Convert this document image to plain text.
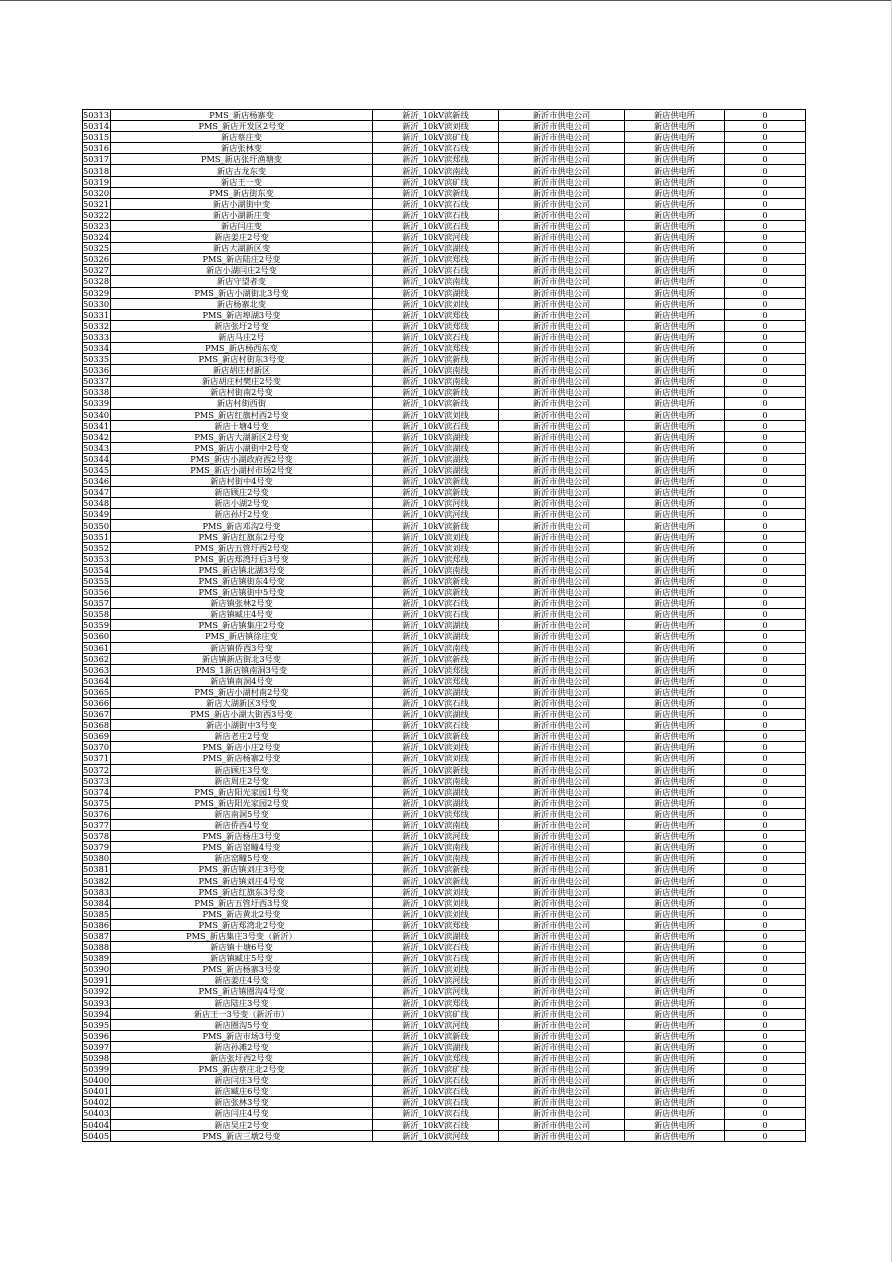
50313	PMS_新店杨寨变	新沂_10kV滨新线	新沂市供电公司	新店供电所	0
50314	PMS_新店开发区2号变	新沂_10kV滨刘线	新沂市供电公司	新店供电所	0
50315	新店蔡庄变	新沂_10kV滨矿线	新沂市供电公司	新店供电所	0
50316	新店张林变	新沂_10kV滨石线	新沂市供电公司	新店供电所	0
50317	PMS_新店张圩渔塘变	新沂_10kV滨郑线	新沂市供电公司	新店供电所	0
50318	新店古龙东变	新沂_10kV滨南线	新沂市供电公司	新店供电所	0
50319	新店王一变	新沂_10kV滨矿线	新沂市供电公司	新店供电所	0
50320	PMS_新店街东变	新沂_10kV滨新线	新沂市供电公司	新店供电所	0
50321	新店小湖街中变	新沂_10kV滨石线	新沂市供电公司	新店供电所	0
50322	新店小湖新庄变	新沂_10kV滨石线	新沂市供电公司	新店供电所	0
50323	新店闫庄变	新沂_10kV滨石线	新沂市供电公司	新店供电所	0
50324	新店姜庄2号变	新沂_10kV滨河线	新沂市供电公司	新店供电所	0
50325	新店大湖新区变	新沂_10kV滨湖线	新沂市供电公司	新店供电所	0
50326	PMS_新店陆庄2号变	新沂_10kV滨郑线	新沂市供电公司	新店供电所	0
50327	新店小湖闫庄2号变	新沂_10kV滨石线	新沂市供电公司	新店供电所	0
50328	新店守望者变	新沂_10kV滨南线	新沂市供电公司	新店供电所	0
50329	PMS_新店小湖街北3号变	新沂_10kV滨湖线	新沂市供电公司	新店供电所	0
50330	新店杨寨北变	新沂_10kV滨刘线	新沂市供电公司	新店供电所	0
50331	PMS_新店埠湖3号变	新沂_10kV滨郑线	新沂市供电公司	新店供电所	0
50332	新店张圩2号变	新沂_10kV滨郑线	新沂市供电公司	新店供电所	0
50333	新店马庄2号	新沂_10kV滨石线	新沂市供电公司	新店供电所	0
50334	PMS_新店杨西东变	新沂_10kV滨郑线	新沂市供电公司	新店供电所	0
50335	PMS_新店村街东3号变	新沂_10kV滨新线	新沂市供电公司	新店供电所	0
50336	新店胡庄村新区	新沂_10kV滨南线	新沂市供电公司	新店供电所	0
50337	新店胡庄村樊庄2号变	新沂_10kV滨南线	新沂市供电公司	新店供电所	0
50338	新店村街南2号变	新沂_10kV滨新线	新沂市供电公司	新店供电所	0
50339	新店村街西街	新沂_10kV滨新线	新沂市供电公司	新店供电所	0
50340	PMS_新店红旗村西2号变	新沂_10kV滨刘线	新沂市供电公司	新店供电所	0
50341	新店十塘4号变	新沂_10kV滨石线	新沂市供电公司	新店供电所	0
50342	PMS_新店大湖新区2号变	新沂_10kV滨湖线	新沂市供电公司	新店供电所	0
50343	PMS_新店小湖街中2号变	新沂_10kV滨湖线	新沂市供电公司	新店供电所	0
50344	PMS_新店小湖政府西2号变	新沂_10kV滨湖线	新沂市供电公司	新店供电所	0
50345	PMS_新店小湖村市场2号变	新沂_10kV滨湖线	新沂市供电公司	新店供电所	0
50346	新店村街中4号变	新沂_10kV滨新线	新沂市供电公司	新店供电所	0
50347	新店顾庄2号变	新沂_10kV滨新线	新沂市供电公司	新店供电所	0
50348	新店小湖2号变	新沂_10kV滨河线	新沂市供电公司	新店供电所	0
50349	新店孙圩2号变	新沂_10kV滨河线	新沂市供电公司	新店供电所	0
50350	PMS_新店邓沟2号变	新沂_10kV滨新线	新沂市供电公司	新店供电所	0
50351	PMS_新店红旗东2号变	新沂_10kV滨刘线	新沂市供电公司	新店供电所	0
50352	PMS_新店五管圩西2号变	新沂_10kV滨刘线	新沂市供电公司	新店供电所	0
50353	PMS_新店郑湾圩后3号变	新沂_10kV滨郑线	新沂市供电公司	新店供电所	0
50354	PMS_新店镇北湖3号变	新沂_10kV滨南线	新沂市供电公司	新店供电所	0
50355	PMS_新店镇街东4号变	新沂_10kV滨新线	新沂市供电公司	新店供电所	0
50356	PMS_新店镇街中5号变	新沂_10kV滨新线	新沂市供电公司	新店供电所	0
50357	新店镇张林2号变	新沂_10kV滨石线	新沂市供电公司	新店供电所	0
50358	新店镇臧庄4号变	新沂_10kV滨石线	新沂市供电公司	新店供电所	0
50359	PMS_新店镇集庄2号变	新沂_10kV滨湖线	新沂市供电公司	新店供电所	0
50360	PMS_新店镇徐庄变	新沂_10kV滨湖线	新沂市供电公司	新店供电所	0
50361	新店镇侨西3号变	新沂_10kV滨南线	新沂市供电公司	新店供电所	0
50362	新店镇新店街北3号变	新沂_10kV滨新线	新沂市供电公司	新店供电所	0
50363	PMS_1新店镇南洞3号变	新沂_10kV滨郑线	新沂市供电公司	新店供电所	0
50364	新店镇南洞4号变	新沂_10kV滨郑线	新沂市供电公司	新店供电所	0
50365	PMS_新店小湖村南2号变	新沂_10kV滨湖线	新沂市供电公司	新店供电所	0
50366	新店大湖新区3号变	新沂_10kV滨石线	新沂市供电公司	新店供电所	0
50367	PMS_新店小湖大街西3号变	新沂_10kV滨湖线	新沂市供电公司	新店供电所	0
50368	新店小湖街中3号变	新沂_10kV滨石线	新沂市供电公司	新店供电所	0
50369	新店老庄2号变	新沂_10kV滨新线	新沂市供电公司	新店供电所	0
50370	PMS_新店小庄2号变	新沂_10kV滨刘线	新沂市供电公司	新店供电所	0
50371	PMS_新店杨寨2号变	新沂_10kV滨刘线	新沂市供电公司	新店供电所	0
50372	新店顾庄3号变	新沂_10kV滨新线	新沂市供电公司	新店供电所	0
50373	新店周庄2号变	新沂_10kV滨南线	新沂市供电公司	新店供电所	0
50374	PMS_新店阳光家园1号变	新沂_10kV滨湖线	新沂市供电公司	新店供电所	0
50375	PMS_新店阳光家园2号变	新沂_10kV滨湖线	新沂市供电公司	新店供电所	0
50376	新店南洞5号变	新沂_10kV滨郑线	新沂市供电公司	新店供电所	0
50377	新店侨西4号变	新沂_10kV滨南线	新沂市供电公司	新店供电所	0
50378	PMS_新店杨庄3号变	新沂_10kV滨河线	新沂市供电公司	新店供电所	0
50379	PMS_新店窑疃4号变	新沂_10kV滨南线	新沂市供电公司	新店供电所	0
50380	新店窑疃5号变	新沂_10kV滨南线	新沂市供电公司	新店供电所	0
50381	PMS_新店镇刘庄3号变	新沂_10kV滨新线	新沂市供电公司	新店供电所	0
50382	PMS_新店镇刘庄4号变	新沂_10kV滨新线	新沂市供电公司	新店供电所	0
50383	PMS_新店红旗东3号变	新沂_10kV滨刘线	新沂市供电公司	新店供电所	0
50384	PMS_新店五管圩西3号变	新沂_10kV滨刘线	新沂市供电公司	新店供电所	0
50385	PMS_新店黄北2号变	新沂_10kV滨刘线	新沂市供电公司	新店供电所	0
50386	PMS_新店郑湾北2号变	新沂_10kV滨郑线	新沂市供电公司	新店供电所	0
50387	PMS_新店集庄3号变（新沂）	新沂_10kV滨湖线	新沂市供电公司	新店供电所	0
50388	新店镇十塘6号变	新沂_10kV滨石线	新沂市供电公司	新店供电所	0
50389	新店镇臧庄5号变	新沂_10kV滨石线	新沂市供电公司	新店供电所	0
50390	PMS_新店杨寨3号变	新沂_10kV滨刘线	新沂市供电公司	新店供电所	0
50391	新店姜庄4号变	新沂_10kV滨河线	新沂市供电公司	新店供电所	0
50392	PMS_新店镇圈沟4号变	新沂_10kV滨河线	新沂市供电公司	新店供电所	0
50393	新店陆庄3号变	新沂_10kV滨郑线	新沂市供电公司	新店供电所	0
50394	新店王一3号变（新沂市）	新沂_10kV滨矿线	新沂市供电公司	新店供电所	0
50395	新店圈沟5号变	新沂_10kV滨河线	新沂市供电公司	新店供电所	0
50396	PMS_新店市场3号变	新沂_10kV滨新线	新沂市供电公司	新店供电所	0
50397	新店孙滩2号变	新沂_10kV滨湖线	新沂市供电公司	新店供电所	0
50398	新店张圩西2号变	新沂_10kV滨郑线	新沂市供电公司	新店供电所	0
50399	PMS_新店蔡庄北2号变	新沂_10kV滨矿线	新沂市供电公司	新店供电所	0
50400	新店闫庄3号变	新沂_10kV滨石线	新沂市供电公司	新店供电所	0
50401	新店臧庄6号变	新沂_10kV滨石线	新沂市供电公司	新店供电所	0
50402	新店张林3号变	新沂_10kV滨石线	新沂市供电公司	新店供电所	0
50403	新店闫庄4号变	新沂_10kV滨石线	新沂市供电公司	新店供电所	0
50404	新店吴庄2号变	新沂_10kV滨石线	新沂市供电公司	新店供电所	0
50405	PMS_新店三墩2号变	新沂_10kV滨河线	新沂市供电公司	新店供电所	0
